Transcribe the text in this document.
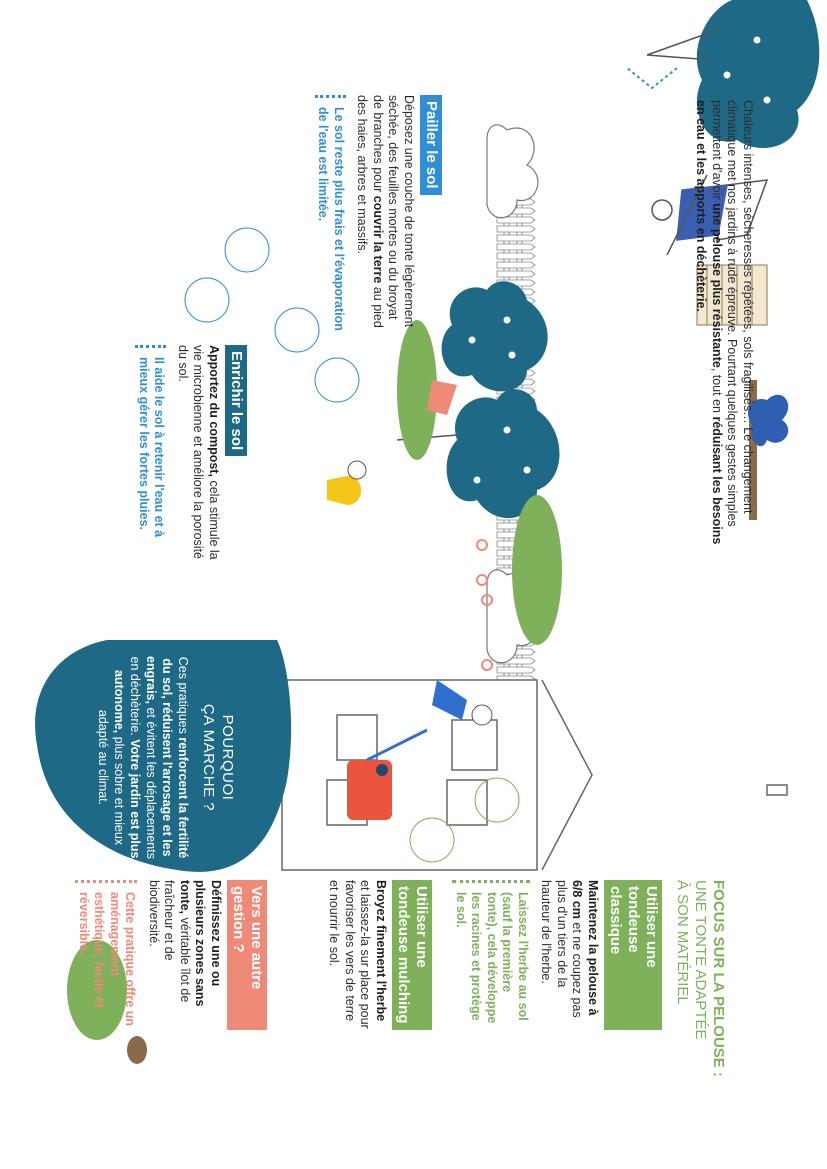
Chaleurs intenses, sécheresses répétées, sols fragilisés… Le changement climatique met nos jardins à rude épreuve. Pourtant quelques gestes simples permettent d'avoir une pelouse plus résistante, tout en réduisant les besoins en eau et les apports en déchèterie.
Pailler le sol
Déposez une couche de tonte légèrement séchée, des feuilles mortes ou du broyat de branches pour couvrir la terre au pied des haies, arbres et massifs.
Le sol reste plus frais et l'évaporation de l'eau est limitée.
Enrichir le sol
Apportez du compost, cela stimule la vie microbienne et améliore la porosité du sol.
Il aide le sol à retenir l'eau et à mieux gérer les fortes pluies.
POURQUOI
ÇA MARCHE ?
Ces pratiques renforcent la fertilité du sol, réduisent l'arrosage et les engrais, et évitent les déplacements en déchèterie. Votre jardin est plus autonome, plus sobre et mieux adapté au climat.
FOCUS SUR LA PELOUSE :
UNE TONTE ADAPTÉE
À SON MATÉRIEL
Utiliser une tondeuse classique
Maintenez la pelouse à 6/8 cm et ne coupez pas plus d'un tiers de la hauteur de l'herbe.
Laissez l'herbe au sol (sauf la première tonte), cela développe les racines et protège le sol.
Utiliser une tondeuse mulching
Broyez finement l'herbe et laissez-la sur place pour favoriser les vers de terre et nourrir le sol.
Vers une autre gestion ?
Définissez une ou plusieurs zones sans tonte, véritable îlot de fraîcheur et de biodiversité.
Cette pratique offre un aménagement esthétique, facile et réversible.
